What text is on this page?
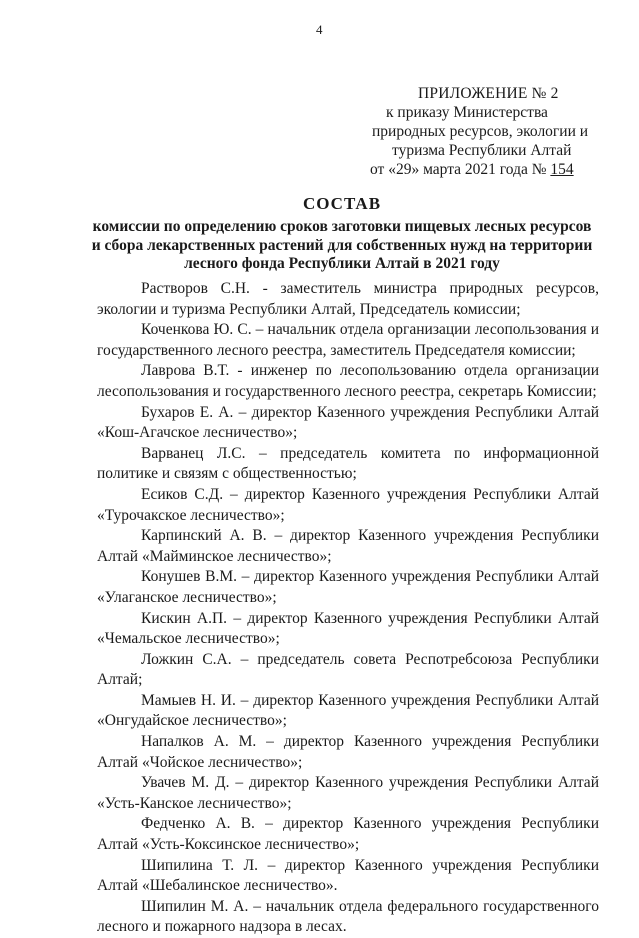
4
ПРИЛОЖЕНИЕ № 2
к приказу Министерства
природных ресурсов, экологии и
туризма Республики Алтай
от «29» марта 2021 года № 154
СОСТАВ
комиссии по определению сроков заготовки пищевых лесных ресурсов
и сбора лекарственных растений для собственных нужд на территории
лесного фонда Республики Алтай в 2021 году
Растворов С.Н. - заместитель министра природных ресурсов, экологии и туризма Республики Алтай, Председатель комиссии;
Коченкова Ю. С. – начальник отдела организации лесопользования и государственного лесного реестра, заместитель Председателя комиссии;
Лаврова В.Т. - инженер по лесопользованию отдела организации лесопользования и государственного лесного реестра, секретарь Комиссии;
Бухаров Е. А. – директор Казенного учреждения Республики Алтай «Кош-Агачское лесничество»;
Варванец Л.С. – председатель комитета по информационной политике и связям с общественностью;
Есиков С.Д. – директор Казенного учреждения Республики Алтай «Турочакское лесничество»;
Карпинский А. В. – директор Казенного учреждения Республики Алтай «Майминское лесничество»;
Конушев В.М. – директор Казенного учреждения Республики Алтай «Улаганское лесничество»;
Кискин А.П. – директор Казенного учреждения Республики Алтай «Чемальское лесничество»;
Ложкин С.А. – председатель совета Респотребсоюза Республики Алтай;
Мамыев Н. И. – директор Казенного учреждения Республики Алтай «Онгудайское лесничество»;
Напалков А. М. – директор Казенного учреждения Республики Алтай «Чойское лесничество»;
Увачев М. Д. – директор Казенного учреждения Республики Алтай «Усть-Канское лесничество»;
Федченко А. В. – директор Казенного учреждения Республики Алтай «Усть-Коксинское лесничество»;
Шипилина Т. Л. – директор Казенного учреждения Республики Алтай «Шебалинское лесничество».
Шипилин М. А. – начальник отдела федерального государственного лесного и пожарного надзора в лесах.
